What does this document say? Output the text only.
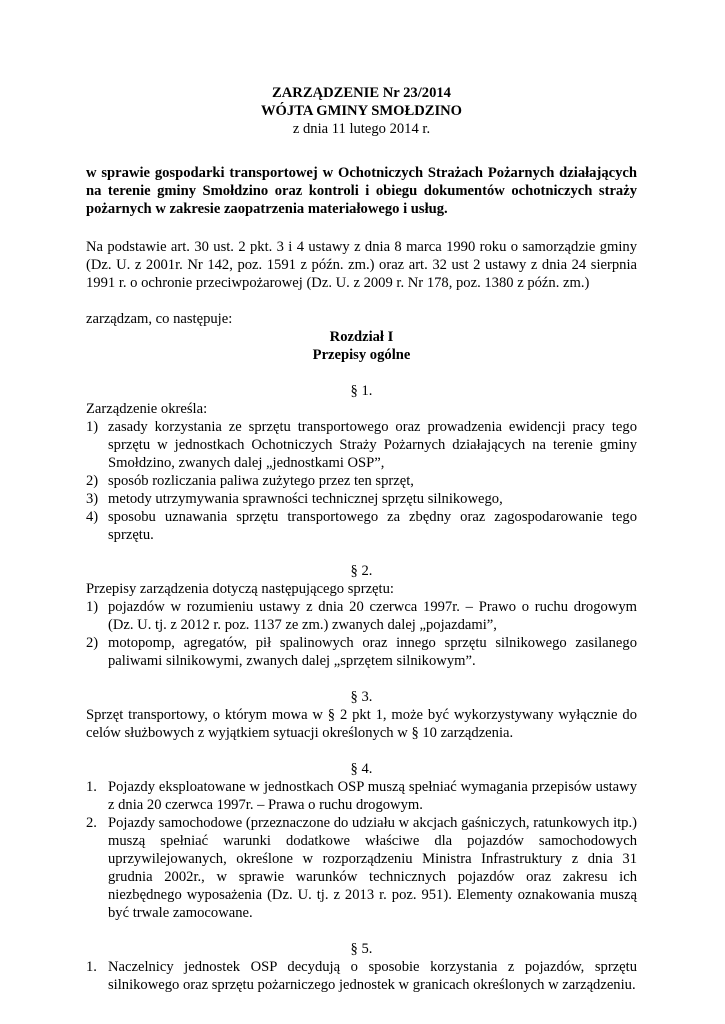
ZARZĄDZENIE Nr 23/2014

WÓJTA GMINY SMOŁDZINO

z dnia 11 lutego 2014 r.

w sprawie gospodarki transportowej w Ochotniczych Strażach Pożarnych działających na terenie gminy Smołdzino oraz kontroli i obiegu dokumentów ochotniczych straży pożarnych w zakresie zaopatrzenia materiałowego i usług.

Na podstawie art. 30 ust. 2 pkt. 3 i 4 ustawy z dnia 8 marca 1990 roku o samorządzie gminy (Dz. U. z 2001r. Nr 142, poz. 1591 z późn. zm.) oraz art. 32 ust 2 ustawy z dnia 24 sierpnia 1991 r. o ochronie przeciwpożarowej (Dz. U. z 2009 r. Nr 178, poz. 1380 z późn. zm.)

zarządzam, co następuje:

Rozdział I

Przepisy ogólne

§ 1.

Zarządzenie określa:

1) zasady korzystania ze sprzętu transportowego oraz prowadzenia ewidencji pracy tego sprzętu w jednostkach Ochotniczych Straży Pożarnych działających na terenie gminy Smołdzino, zwanych dalej „jednostkami OSP”,
2) sposób rozliczania paliwa zużytego przez ten sprzęt,
3) metody utrzymywania sprawności technicznej sprzętu silnikowego,
4) sposobu uznawania sprzętu transportowego za zbędny oraz zagospodarowanie tego sprzętu.

§ 2.

Przepisy zarządzenia dotyczą następującego sprzętu:

1) pojazdów w rozumieniu ustawy z dnia 20 czerwca 1997r. – Prawo o ruchu drogowym (Dz. U. tj. z 2012 r. poz. 1137 ze zm.) zwanych dalej „pojazdami”,
2) motopomp, agregatów, pił spalinowych oraz innego sprzętu silnikowego zasilanego paliwami silnikowymi, zwanych dalej „sprzętem silnikowym”.

§ 3.

Sprzęt transportowy, o którym mowa w § 2 pkt 1, może być wykorzystywany wyłącznie do celów służbowych z wyjątkiem sytuacji określonych w § 10 zarządzenia.

§ 4.

1. Pojazdy eksploatowane w jednostkach OSP muszą spełniać wymagania przepisów ustawy z dnia 20 czerwca 1997r. – Prawa o ruchu drogowym.
2. Pojazdy samochodowe (przeznaczone do udziału w akcjach gaśniczych, ratunkowych itp.) muszą spełniać warunki dodatkowe właściwe dla pojazdów samochodowych uprzywilejowanych, określone w rozporządzeniu Ministra Infrastruktury z dnia 31 grudnia 2002r., w sprawie warunków technicznych pojazdów oraz zakresu ich niezbędnego wyposażenia (Dz. U. tj. z 2013 r. poz. 951). Elementy oznakowania muszą być trwale zamocowane.

§ 5.

1. Naczelnicy jednostek OSP decydują o sposobie korzystania z pojazdów, sprzętu silnikowego oraz sprzętu pożarniczego jednostek w granicach określonych w zarządzeniu.
